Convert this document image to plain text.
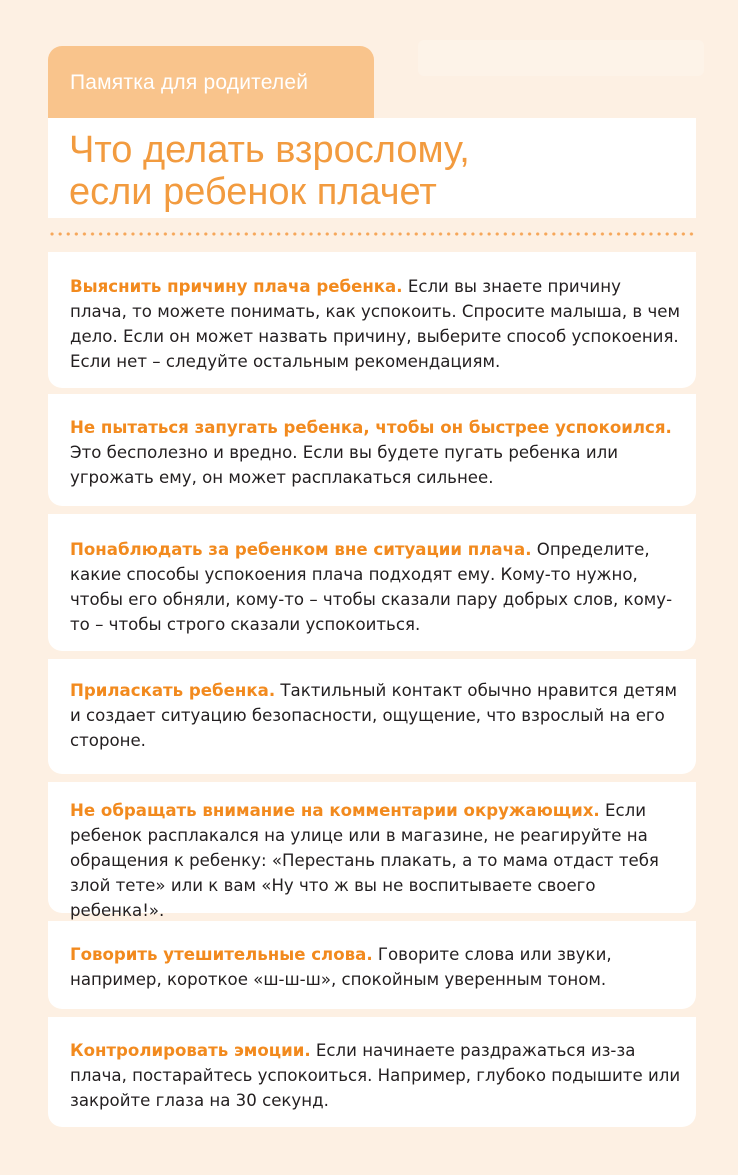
Памятка для родителей
Что делать взрослому,
если ребенок плачет

Выяснить причину плача ребенка. Если вы знаете причину плача, то можете понимать, как успокоить. Спросите малыша, в чем дело. Если он может назвать причину, выберите способ успокоения. Если нет – следуйте остальным рекомендациям.

Не пытаться запугать ребенка, чтобы он быстрее успокоился. Это бесполезно и вредно. Если вы будете пугать ребенка или угрожать ему, он может расплакаться сильнее.

Понаблюдать за ребенком вне ситуации плача. Определите, какие способы успокоения плача подходят ему. Кому-то нужно, чтобы его обняли, кому-то – чтобы сказали пару добрых слов, кому-то – чтобы строго сказали успокоиться.

Приласкать ребенка. Тактильный контакт обычно нравится детям и создает ситуацию безопасности, ощущение, что взрослый на его стороне.

Не обращать внимание на комментарии окружающих. Если ребенок расплакался на улице или в магазине, не реагируйте на обращения к ребенку: «Перестань плакать, а то мама отдаст тебя злой тете» или к вам «Ну что ж вы не воспитываете своего ребенка!».

Говорить утешительные слова. Говорите слова или звуки, например, короткое «ш-ш-ш», спокойным уверенным тоном.

Контролировать эмоции. Если начинаете раздражаться из-за плача, постарайтесь успокоиться. Например, глубоко подышите или закройте глаза на 30 секунд.
